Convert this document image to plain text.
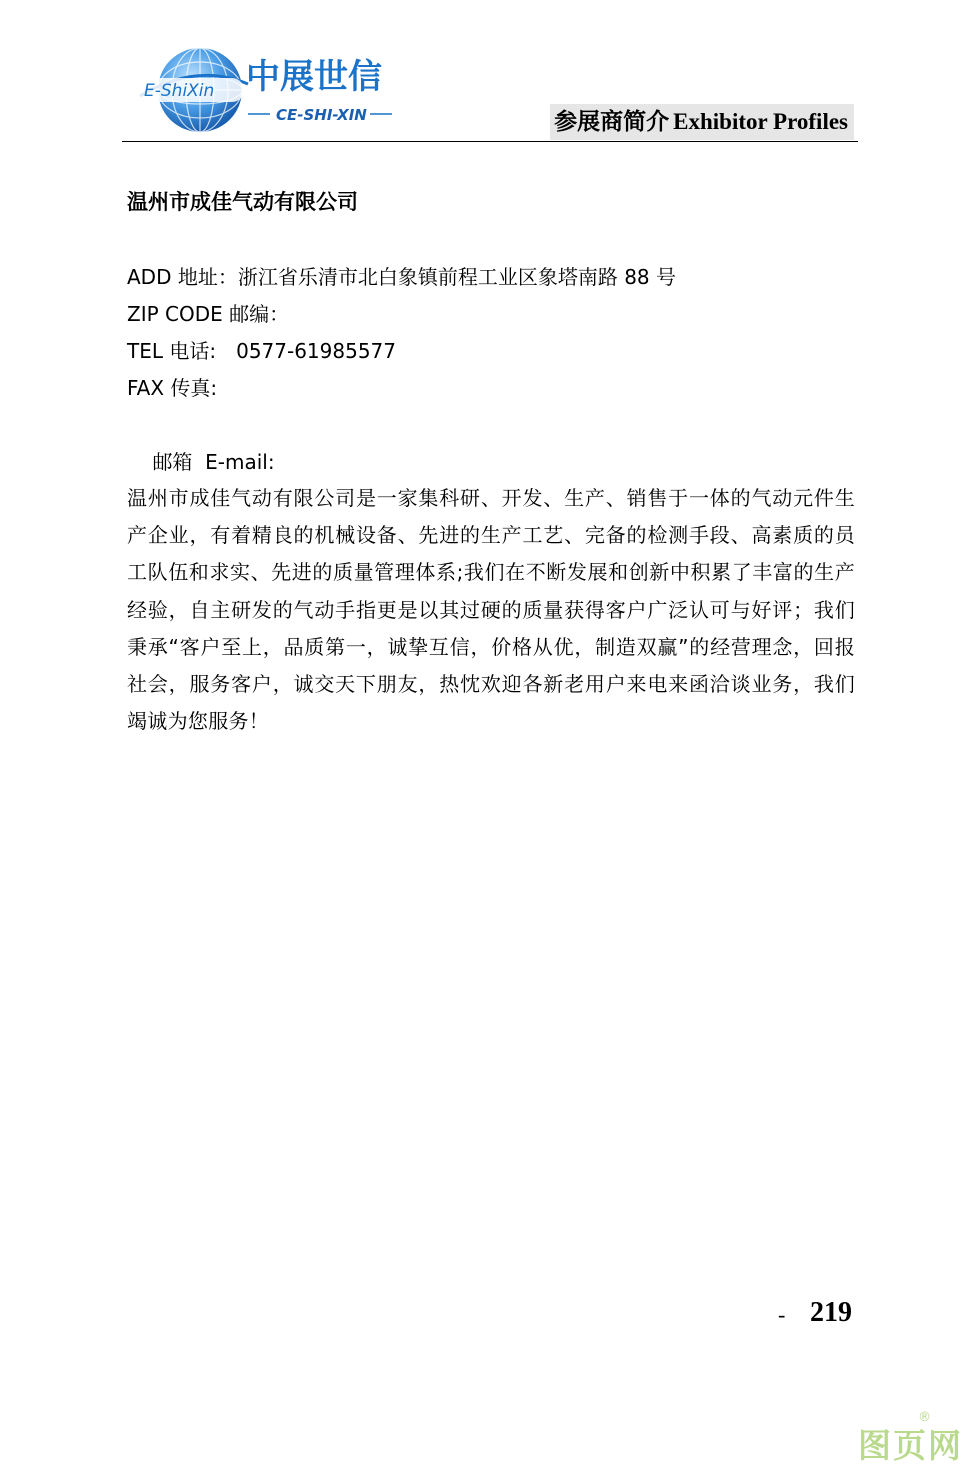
E-ShiXin 中展世信
CE-SHI-XIN	参展商简介 Exhibitor Profiles
温州市成佳气动有限公司
ADD 地址：浙江省乐清市北白象镇前程工业区象塔南路 88 号
ZIP CODE 邮编：
TEL 电话: 0577-61985577
FAX 传真:

邮箱  E-mail:

温州市成佳气动有限公司是一家集科研、开发、生产、销售于一体的气动元件生产企业，有着精良的机械设备、先进的生产工艺、完备的检测手段、高素质的员工队伍和求实、先进的质量管理体系;我们在不断发展和创新中积累了丰富的生产经验，自主研发的气动手指更是以其过硬的质量获得客户广泛认可与好评；我们秉承“客户至上，品质第一，诚挚互信，价格从优，制造双赢”的经营理念，回报社会，服务客户，诚交天下朋友，热忱欢迎各新老用户来电来函洽谈业务，我们竭诚为您服务！
- 219
图页网
®
